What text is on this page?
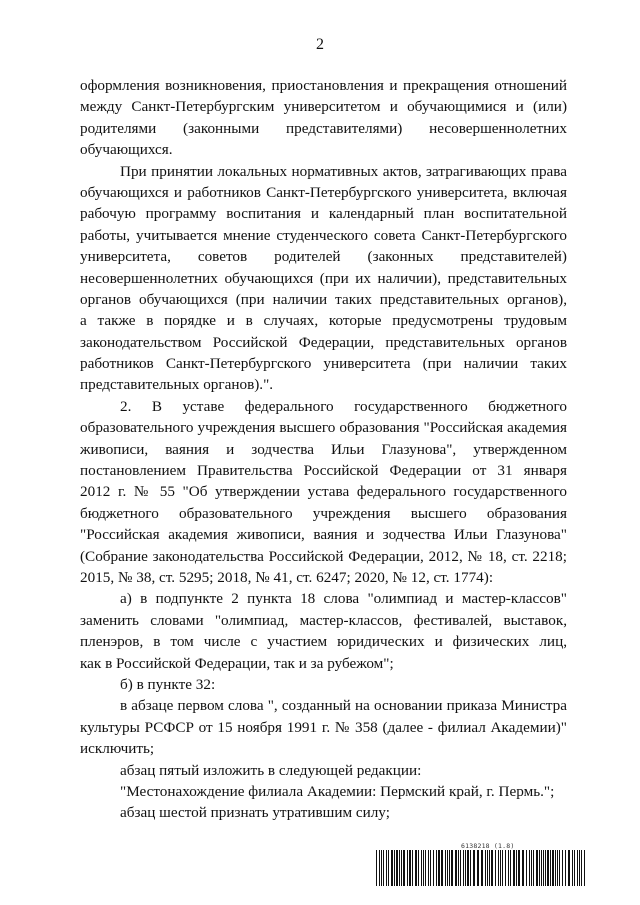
2
оформления возникновения, приостановления и прекращения отношений
между Санкт-Петербургским университетом и обучающимися и (или)
родителями (законными представителями) несовершеннолетних
обучающихся.
При принятии локальных нормативных актов, затрагивающих права
обучающихся и работников Санкт-Петербургского университета, включая
рабочую программу воспитания и календарный план воспитательной
работы, учитывается мнение студенческого совета Санкт-Петербургского
университета, советов родителей (законных представителей)
несовершеннолетних обучающихся (при их наличии), представительных
органов обучающихся (при наличии таких представительных органов),
а также в порядке и в случаях, которые предусмотрены трудовым
законодательством Российской Федерации, представительных органов
работников Санкт-Петербургского университета (при наличии таких
представительных органов).".
2. В уставе федерального государственного бюджетного
образовательного учреждения высшего образования "Российская академия
живописи, ваяния и зодчества Ильи Глазунова", утвержденном
постановлением Правительства Российской Федерации от 31 января
2012 г. № 55 "Об утверждении устава федерального государственного
бюджетного образовательного учреждения высшего образования
"Российская академия живописи, ваяния и зодчества Ильи Глазунова"
(Собрание законодательства Российской Федерации, 2012, № 18, ст. 2218;
2015, № 38, ст. 5295; 2018, № 41, ст. 6247; 2020, № 12, ст. 1774):
а) в подпункте 2 пункта 18 слова "олимпиад и мастер-классов"
заменить словами "олимпиад, мастер-классов, фестивалей, выставок,
пленэров, в том числе с участием юридических и физических лиц,
как в Российской Федерации, так и за рубежом";
б) в пункте 32:
в абзаце первом слова ", созданный на основании приказа Министра
культуры РСФСР от 15 ноября 1991 г. № 358 (далее - филиал Академии)"
исключить;
абзац пятый изложить в следующей редакции:
"Местонахождение филиала Академии: Пермский край, г. Пермь.";
абзац шестой признать утратившим силу;
6138218 (1.8)
